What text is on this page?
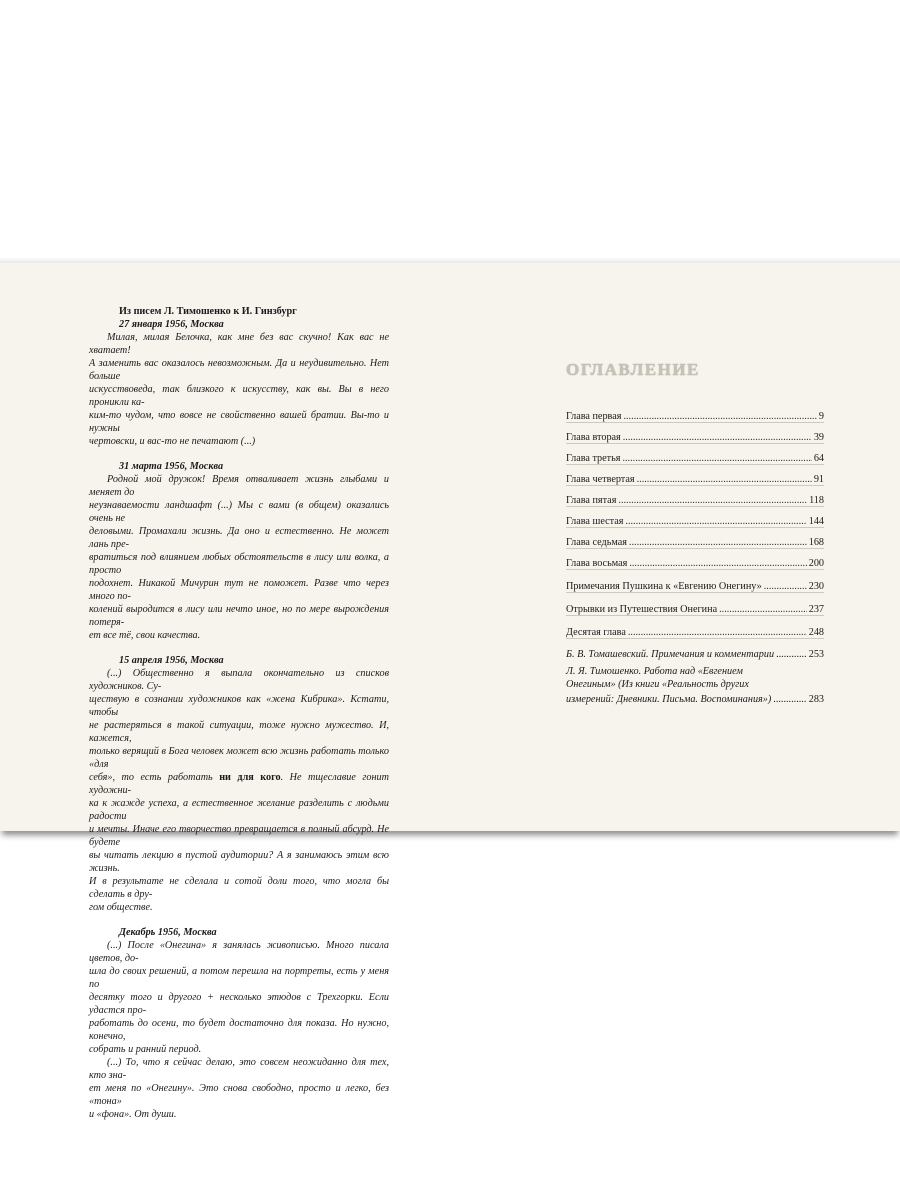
Из писем Л. Тимошенко к И. Гинзбург
27 января 1956, Москва
Милая, милая Белочка, как мне без вас скучно! Как вас не хватает!
А заменить вас оказалось невозможным. Да и неудивительно. Нет больше
искусствоведа, так близкого к искусству, как вы. Вы в него проникли ка-
ким-то чудом, что вовсе не свойственно вашей братии. Вы-то и нужны
чертовски, и вас-то не печатают (...)
31 марта 1956, Москва
Родной мой дружок! Время отваливает жизнь глыбами и меняет до
неузнаваемости ландшафт (...) Мы с вами (в общем) оказались очень не
деловыми. Промахали жизнь. Да оно и естественно. Не может лань пре-
вратиться под влиянием любых обстоятельств в лису или волка, а просто
подохнет. Никакой Мичурин тут не поможет. Разве что через много по-
колений выродится в лису или нечто иное, но по мере вырождения потеря-
ет все тё, свои качества.
15 апреля 1956, Москва
(...) Общественно я выпала окончательно из списков художников. Су-
ществую в сознании художников как «жена Кибрика». Кстати, чтобы
не растеряться в такой ситуации, тоже нужно мужество. И, кажется,
только верящий в Бога человек может всю жизнь работать только «для
себя», то есть работать ни для кого. Не тщеславие гонит художни-
ка к жажде успеха, а естественное желание разделить с людьми радости
и мечты. Иначе его творчество превращается в полный абсурд. Не будете
вы читать лекцию в пустой аудитории? А я занимаюсь этим всю жизнь.
И в результате не сделала и сотой доли того, что могла бы сделать в дру-
гом обществе.
Декабрь 1956, Москва
(...) После «Онегина» я занялась живописью. Много писала цветов, до-
шла до своих решений, а потом перешла на портреты, есть у меня по
десятку того и другого + несколько этюдов с Трехгорки. Если удастся про-
работать до осени, то будет достаточно для показа. Но нужно, конечно,
собрать и ранний период.
(...) То, что я сейчас делаю, это совсем неожиданно для тех, кто зна-
ет меня по «Онегину». Это снова свободно, просто и легко, без «тона»
и «фона». От души.
ОГЛАВЛЕНИЕ
Глава первая .....	9
Глава вторая .....	39
Глава третья .....	64
Глава четвертая .....	91
Глава пятая .....	118
Глава шестая .....	144
Глава седьмая .....	168
Глава восьмая .....	200
Примечания Пушкина к «Евгению Онегину» .....	230
Отрывки из Путешествия Онегина .....	237
Десятая глава .....	248
Б. В. Томашевский. Примечания и комментарии .....	253
Л. Я. Тимошенко. Работа над «Евгением
Онегиным» (Из книги «Реальность других
измерений: Дневники. Письма. Воспоминания») .....	283
